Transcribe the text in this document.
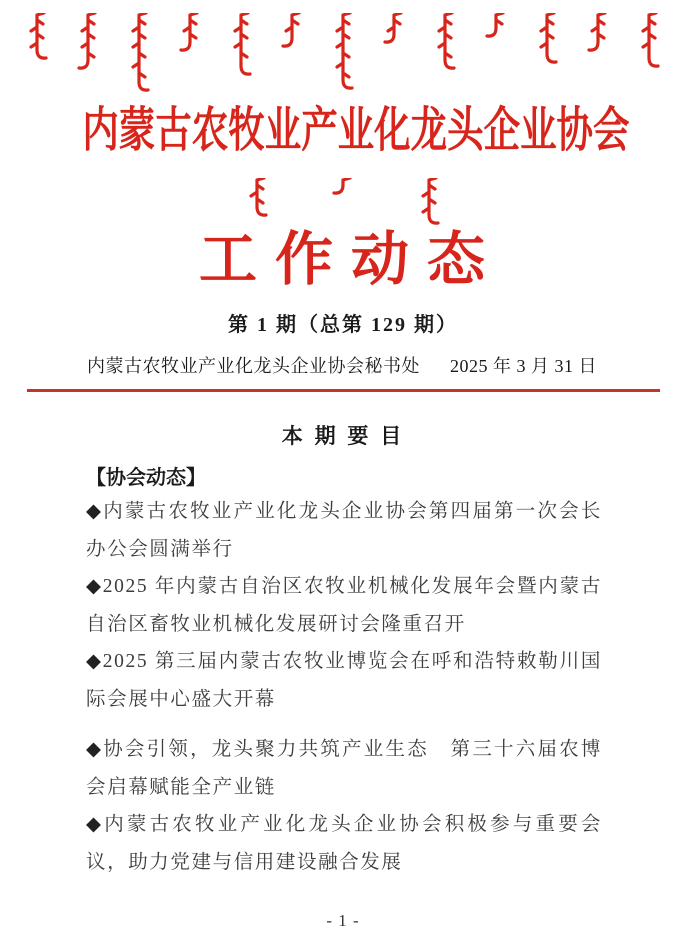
内蒙古农牧业产业化龙头企业协会
工作动态
第 1 期（总第 129 期）
内蒙古农牧业产业化龙头企业协会秘书处 2025 年 3 月 31 日
本 期 要 目
【协会动态】

◆内蒙古农牧业产业化龙头企业协会第四届第一次会长办公会圆满举行

◆2025 年内蒙古自治区农牧业机械化发展年会暨内蒙古自治区畜牧业机械化发展研讨会隆重召开

◆2025 第三届内蒙古农牧业博览会在呼和浩特敕勒川国际会展中心盛大开幕

◆协会引领，龙头聚力共筑产业生态　第三十六届农博会启幕赋能全产业链

◆内蒙古农牧业产业化龙头企业协会积极参与重要会议，助力党建与信用建设融合发展

- 1 -
